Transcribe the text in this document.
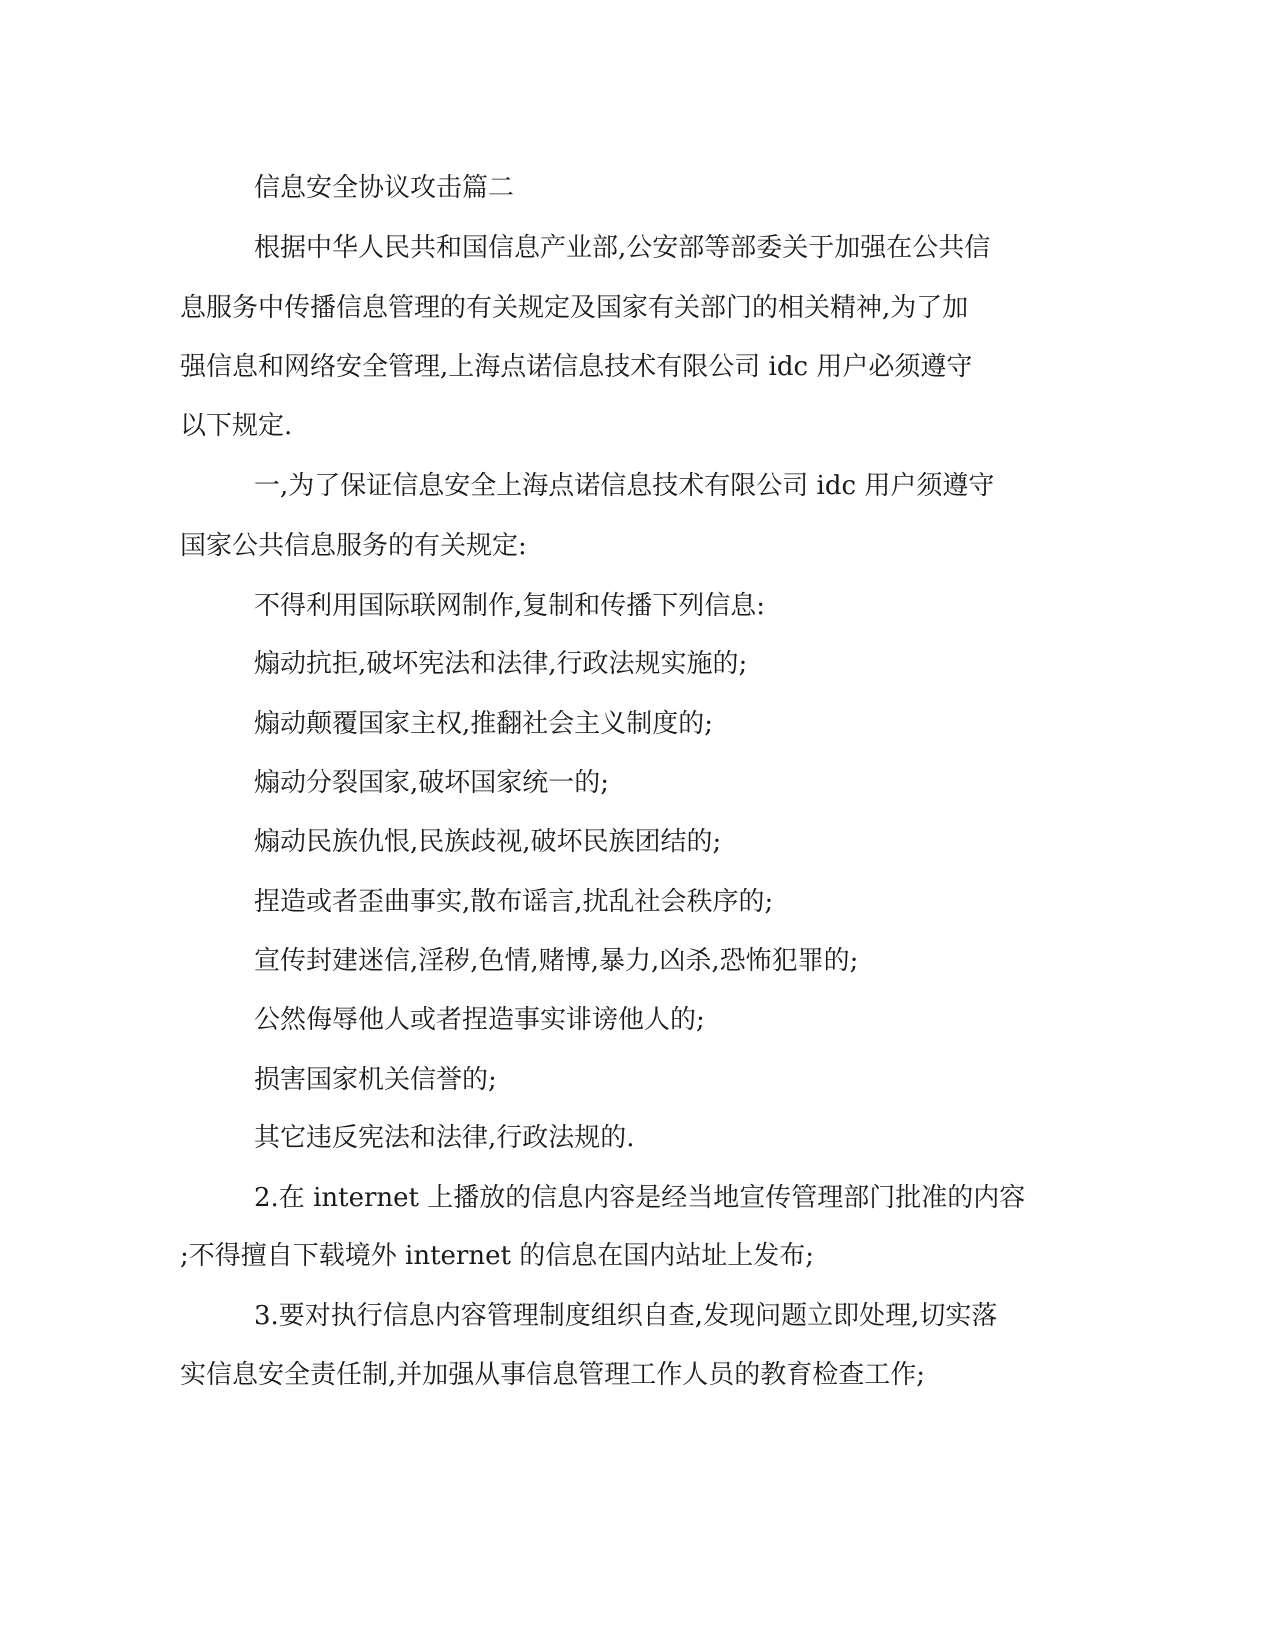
信息安全协议攻击篇二
根据中华人民共和国信息产业部,公安部等部委关于加强在公共信
息服务中传播信息管理的有关规定及国家有关部门的相关精神,为了加
强信息和网络安全管理,上海点诺信息技术有限公司 idc 用户必须遵守
以下规定.
一,为了保证信息安全上海点诺信息技术有限公司 idc 用户须遵守
国家公共信息服务的有关规定:
不得利用国际联网制作,复制和传播下列信息:
煽动抗拒,破坏宪法和法律,行政法规实施的;
煽动颠覆国家主权,推翻社会主义制度的;
煽动分裂国家,破坏国家统一的;
煽动民族仇恨,民族歧视,破坏民族团结的;
捏造或者歪曲事实,散布谣言,扰乱社会秩序的;
宣传封建迷信,淫秽,色情,赌博,暴力,凶杀,恐怖犯罪的;
公然侮辱他人或者捏造事实诽谤他人的;
损害国家机关信誉的;
其它违反宪法和法律,行政法规的.
2.在 internet 上播放的信息内容是经当地宣传管理部门批准的内容
;不得擅自下载境外 internet 的信息在国内站址上发布;
3.要对执行信息内容管理制度组织自查,发现问题立即处理,切实落
实信息安全责任制,并加强从事信息管理工作人员的教育检查工作;
